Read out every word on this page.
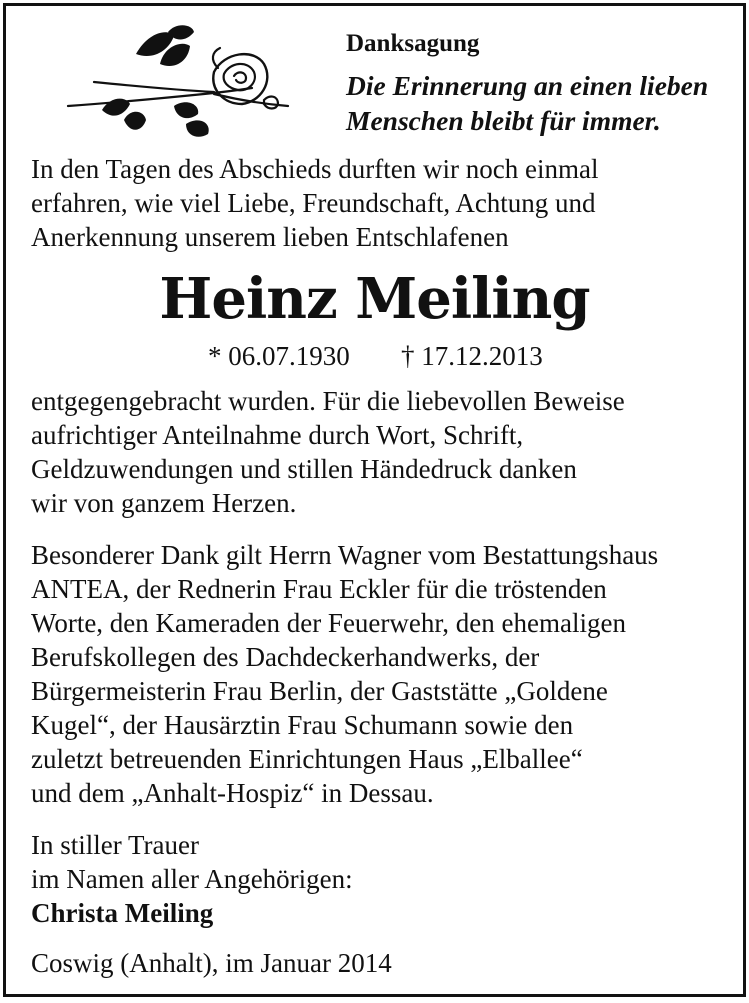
Danksagung

Die Erinnerung an einen lieben

Menschen bleibt für immer.

In den Tagen des Abschieds durften wir noch einmal
erfahren, wie viel Liebe, Freundschaft, Achtung und
Anerkennung unserem lieben Entschlafenen
Heinz Meiling
* 06.07.1930 † 17.12.2013
entgegengebracht wurden. Für die liebevollen Beweise
aufrichtiger Anteilnahme durch Wort, Schrift,
Geldzuwendungen und stillen Händedruck danken
wir von ganzem Herzen.
Besonderer Dank gilt Herrn Wagner vom Bestattungshaus
ANTEA, der Rednerin Frau Eckler für die tröstenden
Worte, den Kameraden der Feuerwehr, den ehemaligen
Berufskollegen des Dachdeckerhandwerks, der
Bürgermeisterin Frau Berlin, der Gaststätte „Goldene
Kugel“, der Hausärztin Frau Schumann sowie den
zuletzt betreuenden Einrichtungen Haus „Elballee“
und dem „Anhalt-Hospiz“ in Dessau.
In stiller Trauer
im Namen aller Angehörigen:
Christa Meiling
Coswig (Anhalt), im Januar 2014
